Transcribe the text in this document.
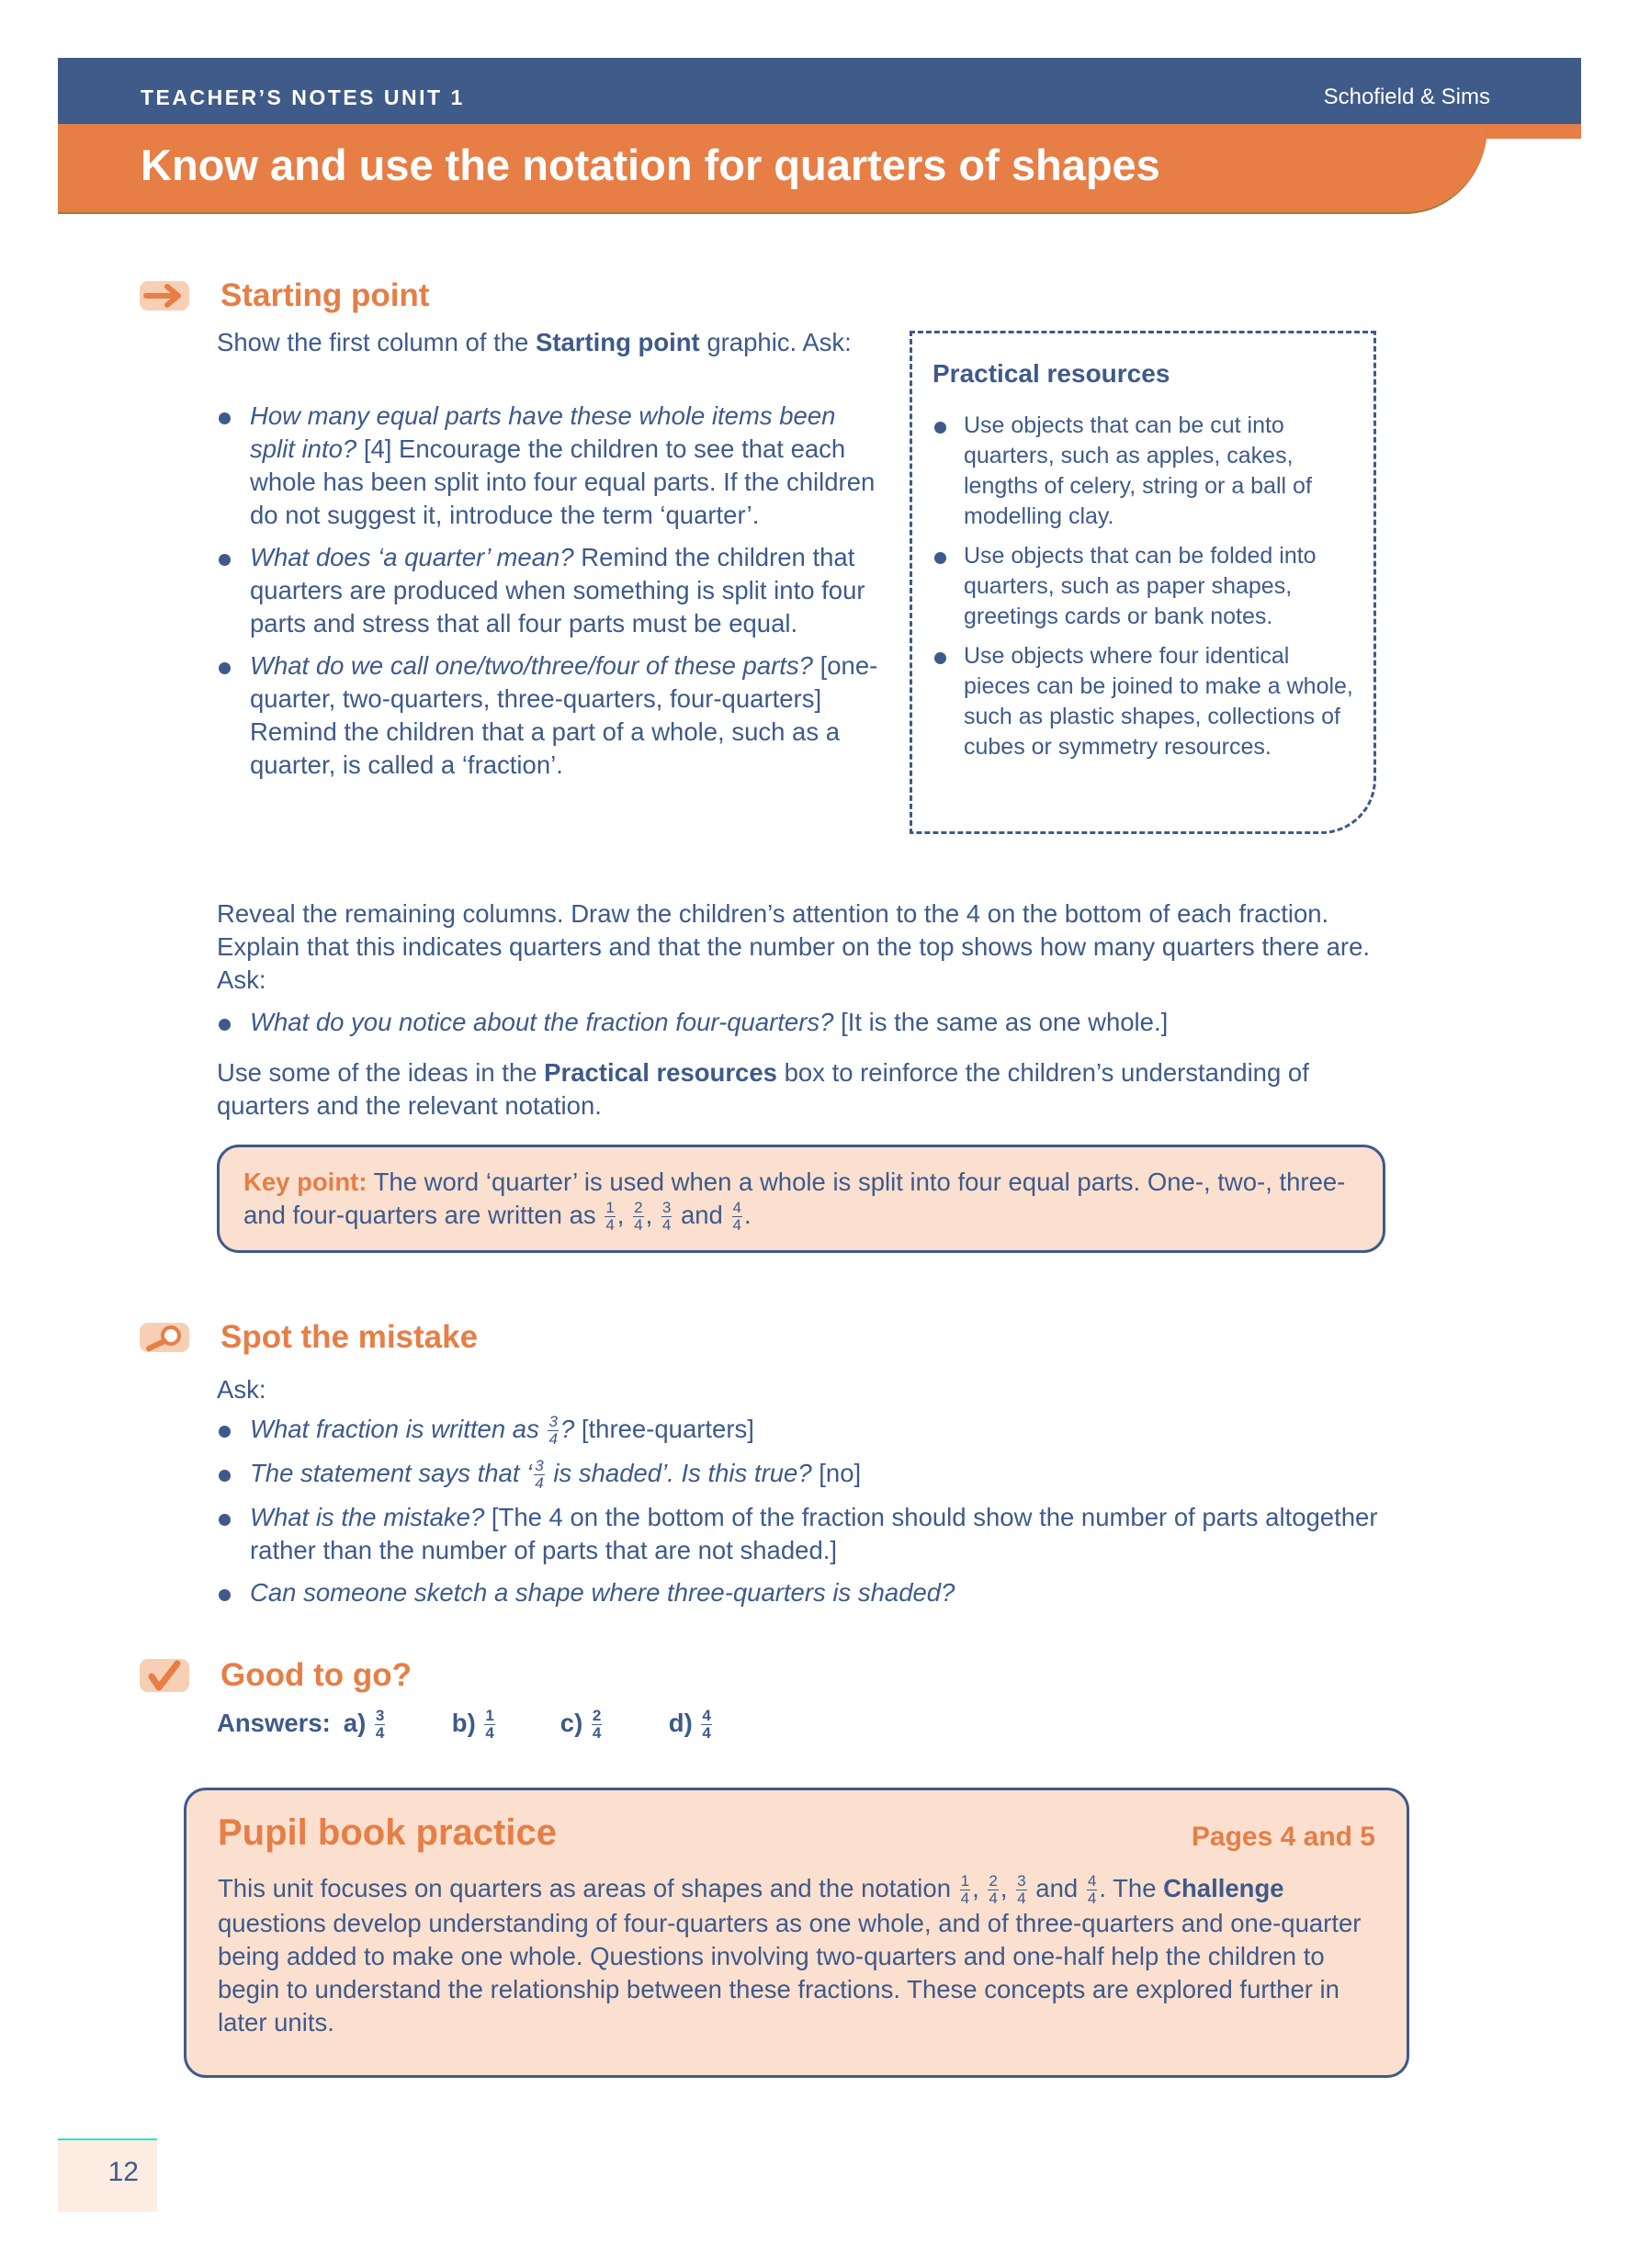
TEACHER’S NOTES UNIT 1	Schofield & Sims
Know and use the notation for quarters of shapes
Starting point
Show the first column of the Starting point graphic. Ask:
How many equal parts have these whole items been split into? [4] Encourage the children to see that each whole has been split into four equal parts. If the children do not suggest it, introduce the term ‘quarter’.
What does ‘a quarter’ mean? Remind the children that quarters are produced when something is split into four parts and stress that all four parts must be equal.
What do we call one/two/three/four of these parts? [one-quarter, two-quarters, three-quarters, four-quarters] Remind the children that a part of a whole, such as a quarter, is called a ‘fraction’.
Practical resources
Use objects that can be cut into quarters, such as apples, cakes, lengths of celery, string or a ball of modelling clay.
Use objects that can be folded into quarters, such as paper shapes, greetings cards or bank notes.
Use objects where four identical pieces can be joined to make a whole, such as plastic shapes, collections of cubes or symmetry resources.
Reveal the remaining columns. Draw the children’s attention to the 4 on the bottom of each fraction. Explain that this indicates quarters and that the number on the top shows how many quarters there are. Ask:
What do you notice about the fraction four-quarters? [It is the same as one whole.]
Use some of the ideas in the Practical resources box to reinforce the children’s understanding of quarters and the relevant notation.
Key point: The word ‘quarter’ is used when a whole is split into four equal parts. One-, two-, three- and four-quarters are written as $\frac{1}{4}$ , $\frac{2}{4}$ , $\frac{3}{4}$ and $\frac{4}{4}$ .
Spot the mistake
Ask:
What fraction is written as $\frac{3}{4}$ ? [three-quarters]
The statement says that ‘ $\frac{3}{4}$ is shaded’. Is this true? [no]
What is the mistake? [The 4 on the bottom of the fraction should show the number of parts altogether rather than the number of parts that are not shaded.]
Can someone sketch a shape where three-quarters is shaded?
Good to go?
Answers: $a) \frac{3}{4}$	$b) \frac{1}{4}$	$c) \frac{2}{4}$	$d) \frac{4}{4}$
Pupil book practice	Pages 4 and 5
This unit focuses on quarters as areas of shapes and the notation $\frac{1}{4}$ , $\frac{2}{4}$ , $\frac{3}{4}$ and $\frac{4}{4}$ . The Challenge questions develop understanding of four-quarters as one whole, and of three-quarters and one-quarter being added to make one whole. Questions involving two-quarters and one-half help the children to begin to understand the relationship between these fractions. These concepts are explored further in later units.
12
